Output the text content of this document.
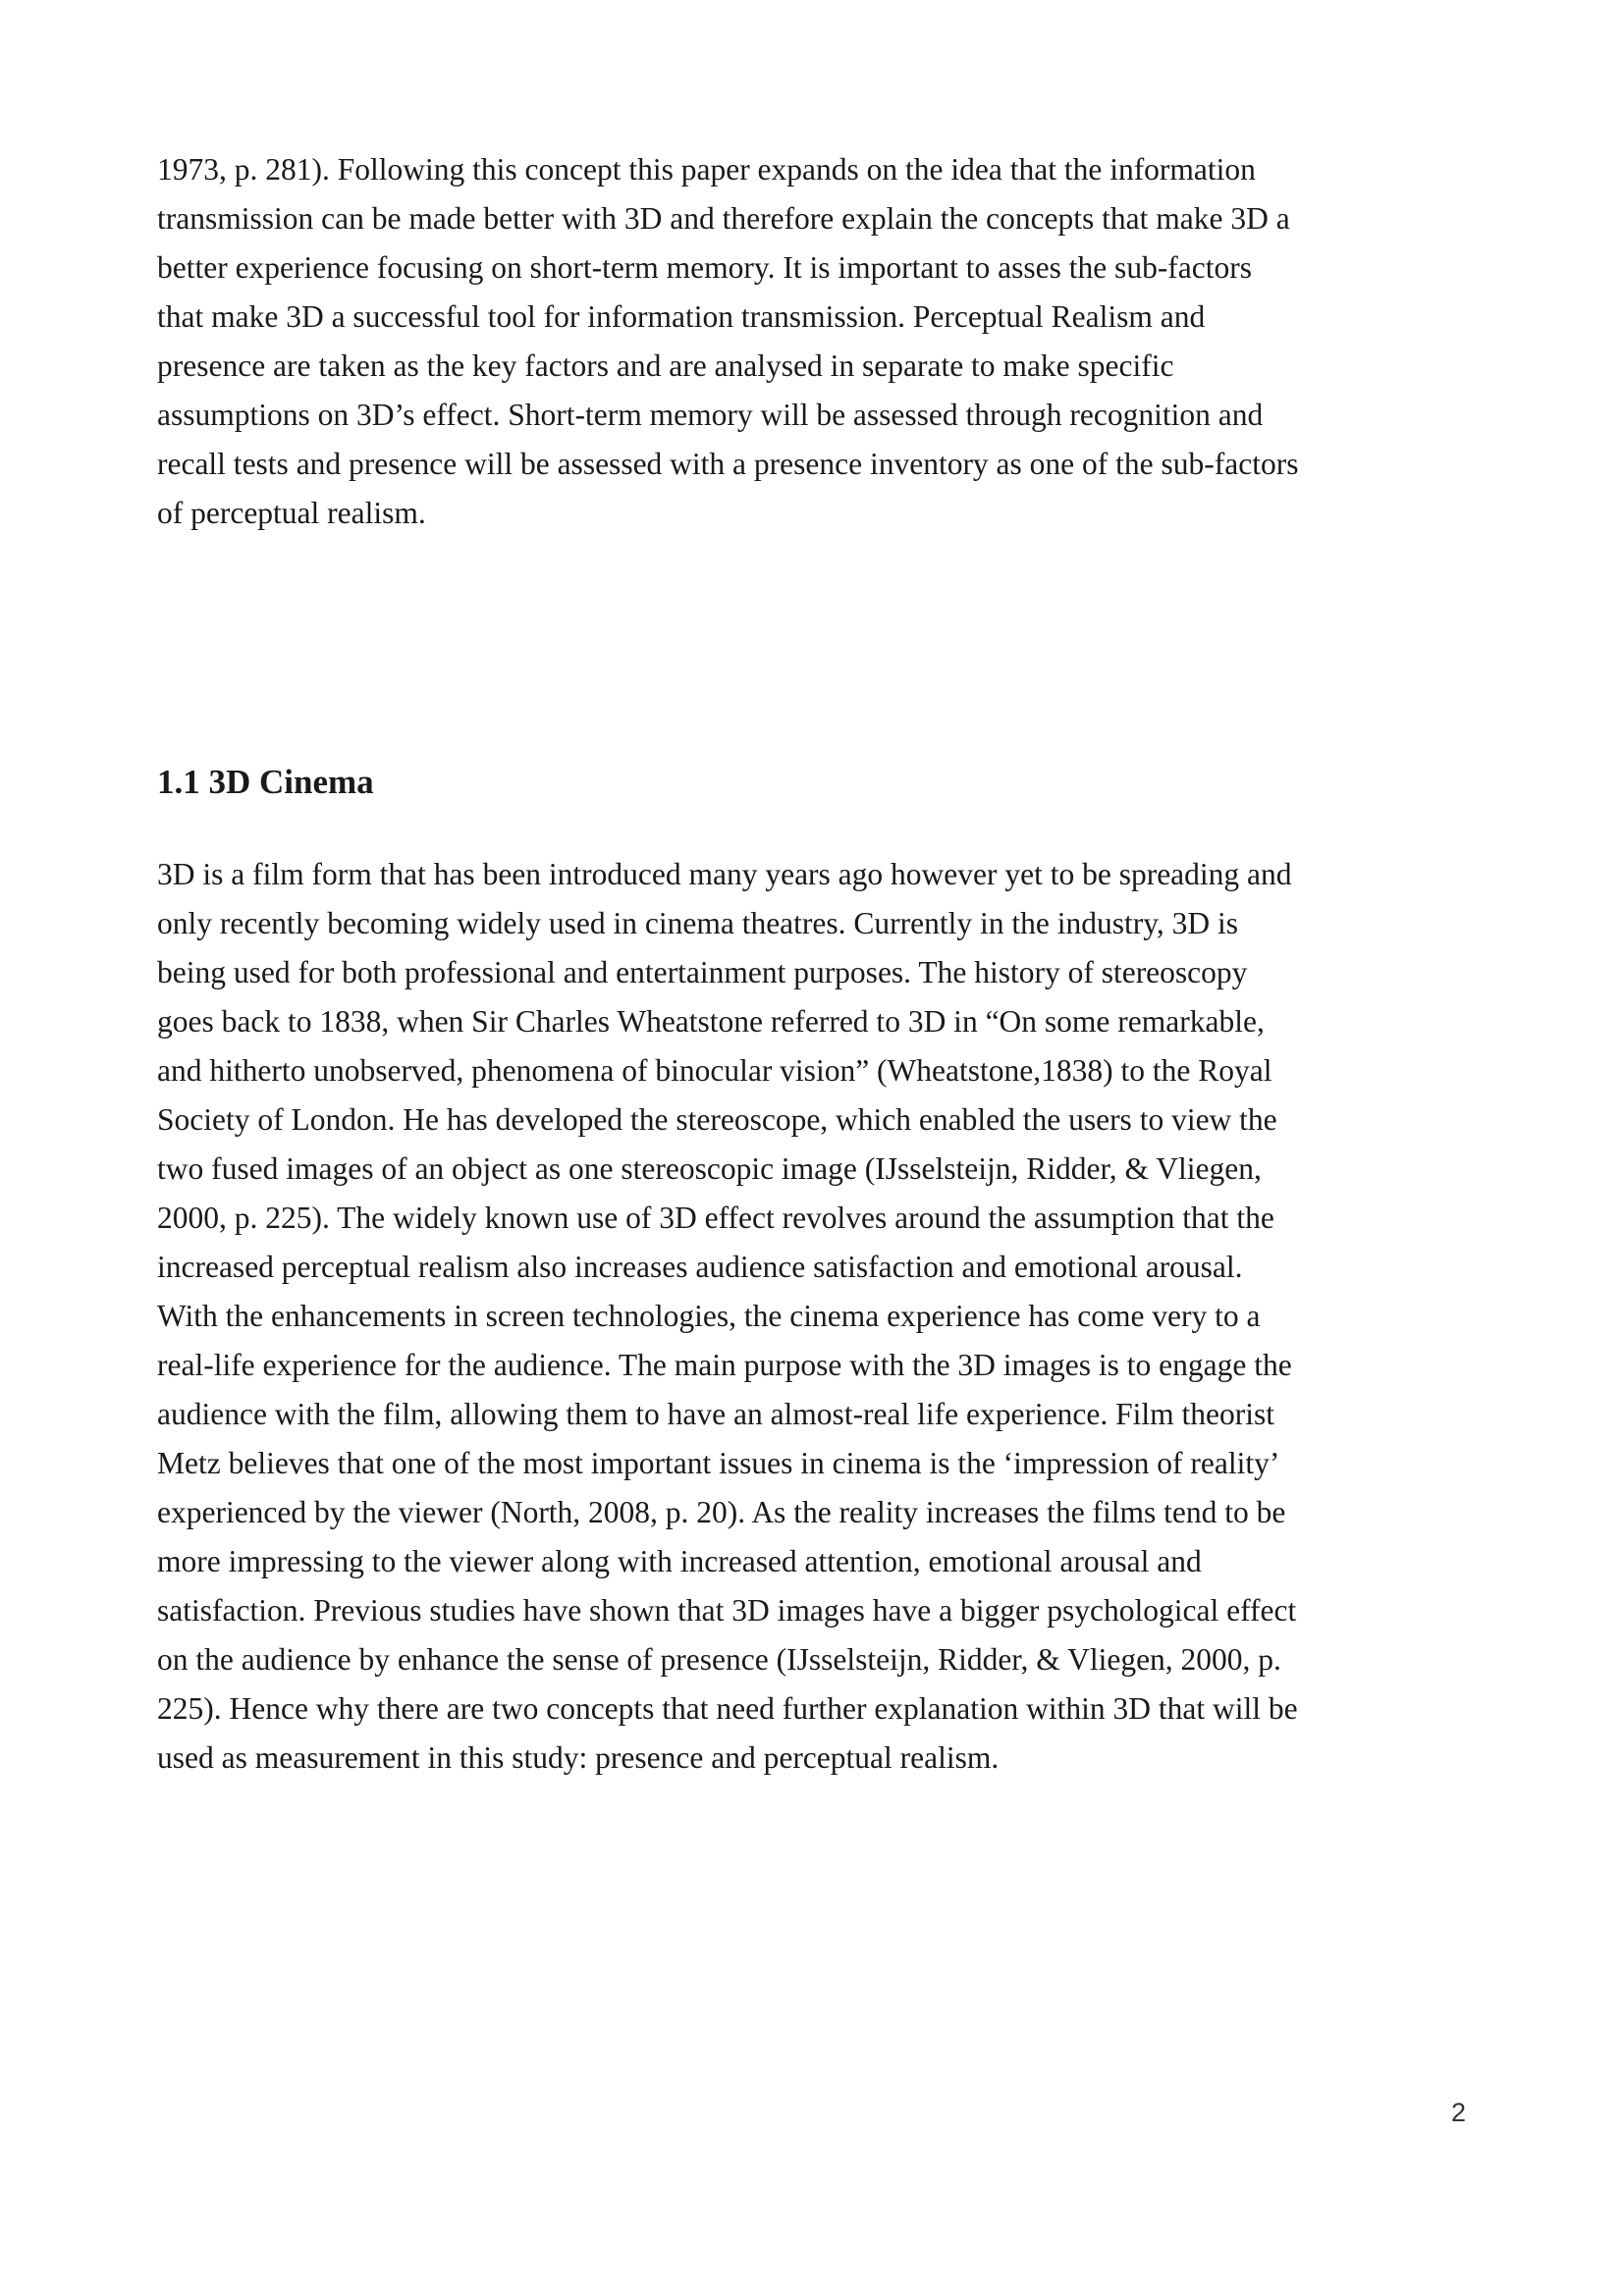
1973, p. 281). Following this concept this paper expands on the idea that the information
transmission can be made better with 3D and therefore explain the concepts that make 3D a
better experience focusing on short-term memory. It is important to asses the sub-factors
that make 3D a successful tool for information transmission. Perceptual Realism and
presence are taken as the key factors and are analysed in separate to make specific
assumptions on 3D’s effect. Short-term memory will be assessed through recognition and
recall tests and presence will be assessed with a presence inventory as one of the sub-factors
of perceptual realism.

1.1 3D Cinema

3D is a film form that has been introduced many years ago however yet to be spreading and
only recently becoming widely used in cinema theatres. Currently in the industry, 3D is
being used for both professional and entertainment purposes. The history of stereoscopy
goes back to 1838, when Sir Charles Wheatstone referred to 3D in “On some remarkable,
and hitherto unobserved, phenomena of binocular vision” (Wheatstone,1838) to the Royal
Society of London. He has developed the stereoscope, which enabled the users to view the
two fused images of an object as one stereoscopic image (IJsselsteijn, Ridder, & Vliegen,
2000, p. 225). The widely known use of 3D effect revolves around the assumption that the
increased perceptual realism also increases audience satisfaction and emotional arousal.
With the enhancements in screen technologies, the cinema experience has come very to a
real-life experience for the audience. The main purpose with the 3D images is to engage the
audience with the film, allowing them to have an almost-real life experience. Film theorist
Metz believes that one of the most important issues in cinema is the ‘impression of reality’
experienced by the viewer (North, 2008, p. 20). As the reality increases the films tend to be
more impressing to the viewer along with increased attention, emotional arousal and
satisfaction. Previous studies have shown that 3D images have a bigger psychological effect
on the audience by enhance the sense of presence (IJsselsteijn, Ridder, & Vliegen, 2000, p.
225). Hence why there are two concepts that need further explanation within 3D that will be
used as measurement in this study: presence and perceptual realism.

2
